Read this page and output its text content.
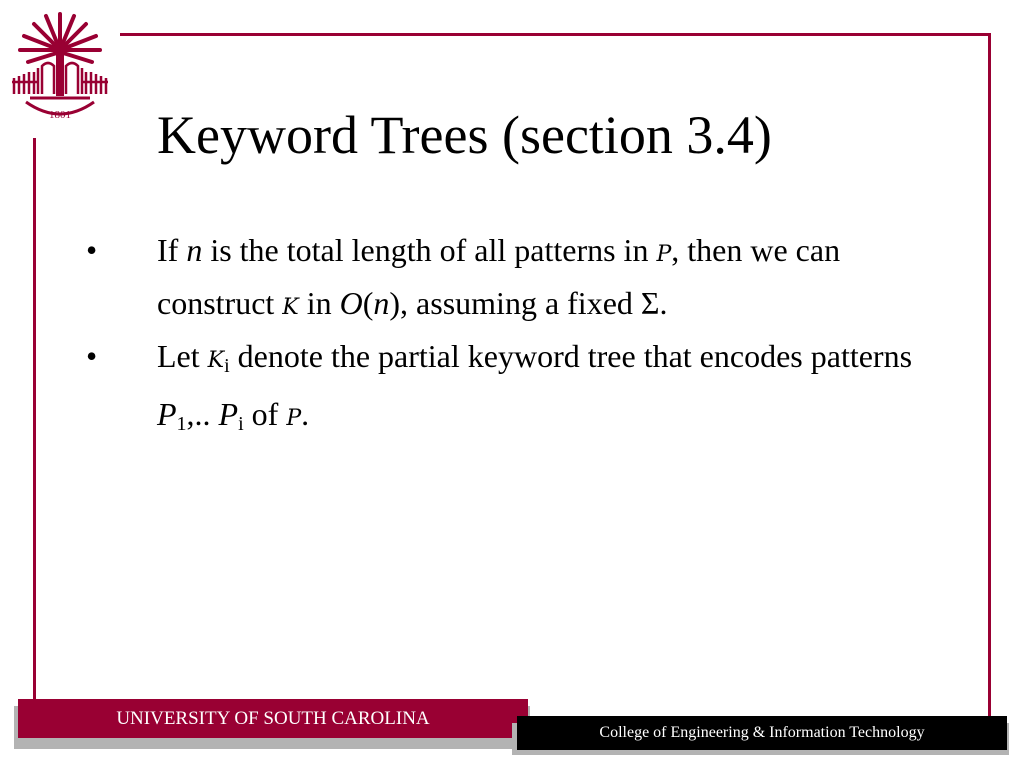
1801 Keyword Trees (section 3.4)
• If n is the total length of all patterns in P, then we can construct K in O(n), assuming a fixed Σ.
• Let $K_i$ denote the partial keyword tree that encodes patterns $P_1$,.. $P_i$ of P.
UNIVERSITY OF SOUTH CAROLINA
College of Engineering & Information Technology
